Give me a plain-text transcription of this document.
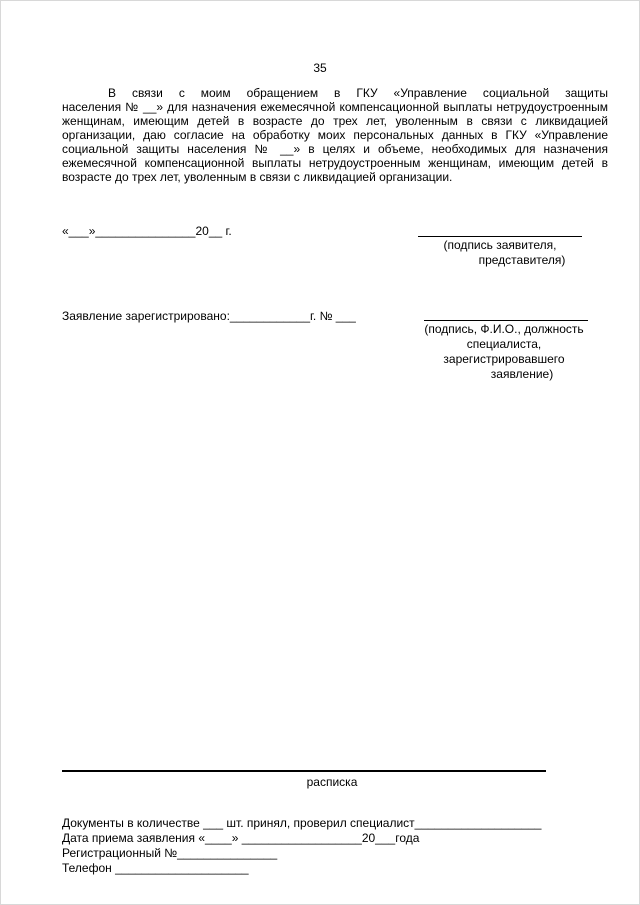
35
В связи с моим обращением в ГКУ «Управление социальной защиты
населения № __» для назначения ежемесячной компенсационной выплаты нетрудоустроенным
женщинам, имеющим детей в возрасте до трех лет, уволенным в связи с ликвидацией
организации, даю согласие на обработку моих персональных данных в ГКУ «Управление
социальной защиты населения № __» в целях и объеме, необходимых для назначения
ежемесячной компенсационной выплаты нетрудоустроенным женщинам, имеющим детей в
возрасте до трех лет, уволенным в связи с ликвидацией организации.
«___»_______________20__ г.
(подпись заявителя,
представителя)
Заявление зарегистрировано:____________г. № ___
(подпись, Ф.И.О., должность
специалиста,
зарегистрировавшего
заявление)
расписка
Документы в количестве ___ шт. принял, проверил специалист___________________
Дата приема заявления «____» __________________20___года
Регистрационный №_______________
Телефон ____________________
